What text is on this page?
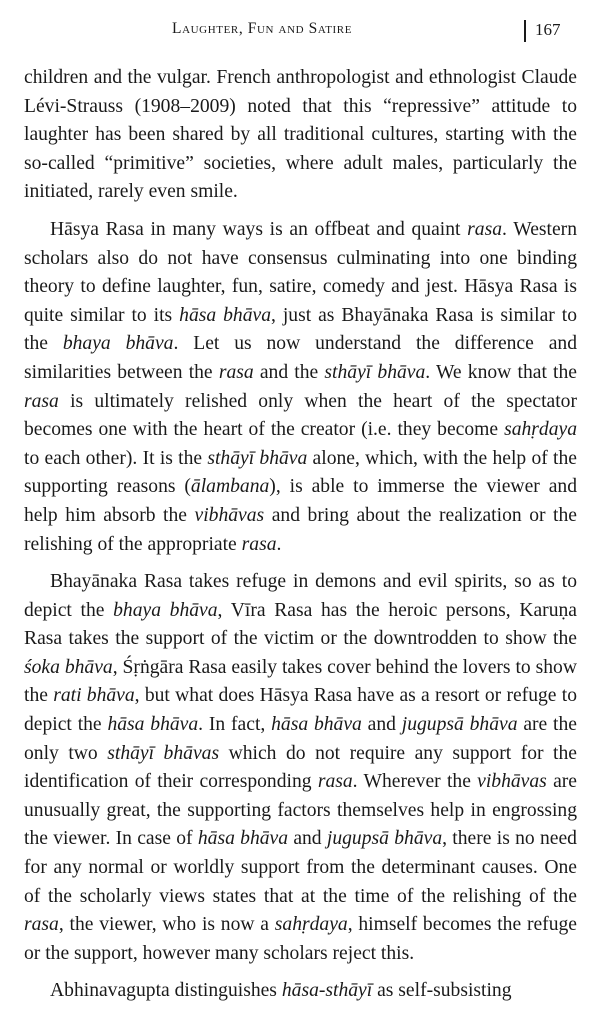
Laughter, Fun and Satire	167

children and the vulgar. French anthropologist and ethnologist Claude Lévi-Strauss (1908–2009) noted that this “repressive” attitude to laughter has been shared by all traditional cultures, starting with the so-called “primitive” societies, where adult males, particularly the initiated, rarely even smile.

Hāsya Rasa in many ways is an offbeat and quaint rasa. Western scholars also do not have consensus culminating into one binding theory to define laughter, fun, satire, comedy and jest. Hāsya Rasa is quite similar to its hāsa bhāva, just as Bhayānaka Rasa is similar to the bhaya bhāva. Let us now understand the difference and similarities between the rasa and the sthāyī bhāva. We know that the rasa is ultimately relished only when the heart of the spectator becomes one with the heart of the creator (i.e. they become sahṛdaya to each other). It is the sthāyī bhāva alone, which, with the help of the supporting reasons (ālambana), is able to immerse the viewer and help him absorb the vibhāvas and bring about the realization or the relishing of the appropriate rasa.

Bhayānaka Rasa takes refuge in demons and evil spirits, so as to depict the bhaya bhāva, Vīra Rasa has the heroic persons, Karuṇa Rasa takes the support of the victim or the downtrodden to show the śoka bhāva, Śṛṅgāra Rasa easily takes cover behind the lovers to show the rati bhāva, but what does Hāsya Rasa have as a resort or refuge to depict the hāsa bhāva. In fact, hāsa bhāva and jugupsā bhāva are the only two sthāyī bhāvas which do not require any support for the identification of their corresponding rasa. Wherever the vibhāvas are unusually great, the supporting factors themselves help in engrossing the viewer. In case of hāsa bhāva and jugupsā bhāva, there is no need for any normal or worldly support from the determinant causes. One of the scholarly views states that at the time of the relishing of the rasa, the viewer, who is now a sahṛdaya, himself becomes the refuge or the support, however many scholars reject this.

Abhinavagupta distinguishes hāsa-sthāyī as self-subsisting
